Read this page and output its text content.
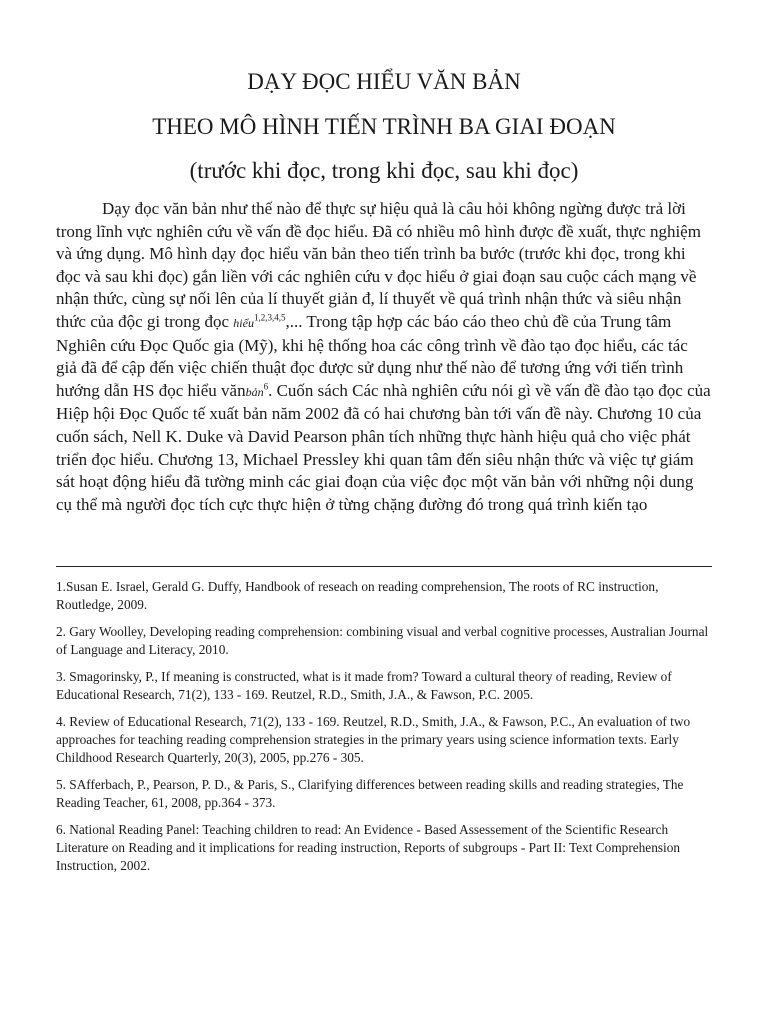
DẠY ĐỌC HIỂU VĂN BẢN
THEO MÔ HÌNH TIẾN TRÌNH BA GIAI ĐOẠN
(trước khi đọc, trong khi đọc, sau khi đọc)

Dạy đọc văn bản như thế nào để thực sự hiệu quả là câu hỏi không ngừng được trả lời trong lĩnh vực nghiên cứu về vấn đề đọc hiểu. Đã có nhiều mô hình được đề xuất, thực nghiệm và ứng dụng. Mô hình dạy đọc hiểu văn bản theo tiến trình ba bước (trước khi đọc, trong khi đọc và sau khi đọc) gắn liền với các nghiên cứu v đọc hiểu ở giai đoạn sau cuộc cách mạng về nhận thức, cùng sự nối lên của lí thuyết giản đ, lí thuyết về quá trình nhận thức và siêu nhận thức của độc gi trong đọc hiểu$^{1,2,3,4,5}$,... Trong tập hợp các báo cáo theo chủ đề của Trung tâm Nghiên cứu Đọc Quốc gia (Mỹ), khi hệ thống hoa các công trình về đào tạo đọc hiểu, các tác giả đã để cập đến việc chiến thuật đọc được sử dụng như thế nào để tương ứng với tiến trình hướng dẫn HS đọc hiểu vănbản$^6$. Cuốn sách Các nhà nghiên cứu nói gì về vấn đề đào tạo đọc của Hiệp hội Đọc Quốc tế xuất bản năm 2002 đã có hai chương bàn tới vấn đề này. Chương 10 của cuốn sách, Nell K. Duke và David Pearson phân tích những thực hành hiệu quả cho việc phát triển đọc hiểu. Chương 13, Michael Pressley khi quan tâm đến siêu nhận thức và việc tự giám sát hoạt động hiểu đã tường minh các giai đoạn của việc đọc một văn bản với những nội dung cụ thể mà người đọc tích cực thực hiện ở từng chặng đường đó trong quá trình kiến tạo

1.Susan E. Israel, Gerald G. Duffy, Handbook of reseach on reading comprehension, The roots of RC instruction, Routledge, 2009.

2. Gary Woolley, Developing reading comprehension: combining visual and verbal cognitive processes, Australian Journal of Language and Literacy, 2010.

3. Smagorinsky, P., If meaning is constructed, what is it made from? Toward a cultural theory of reading, Review of Educational Research, 71(2), 133 - 169. Reutzel, R.D., Smith, J.A., & Fawson, P.C. 2005.

4. Review of Educational Research, 71(2), 133 - 169. Reutzel, R.D., Smith, J.A., & Fawson, P.C., An evaluation of two approaches for teaching reading comprehension strategies in the primary years using science information texts. Early Childhood Research Quarterly, 20(3), 2005, pp.276 - 305.

5. SAfferbach, P., Pearson, P. D., & Paris, S., Clarifying differences between reading skills and reading strategies, The Reading Teacher, 61, 2008, pp.364 - 373.

6. National Reading Panel: Teaching children to read: An Evidence - Based Assessement of the Scientific Research Literature on Reading and it implications for reading instruction, Reports of subgroups - Part II: Text Comprehension Instruction, 2002.
